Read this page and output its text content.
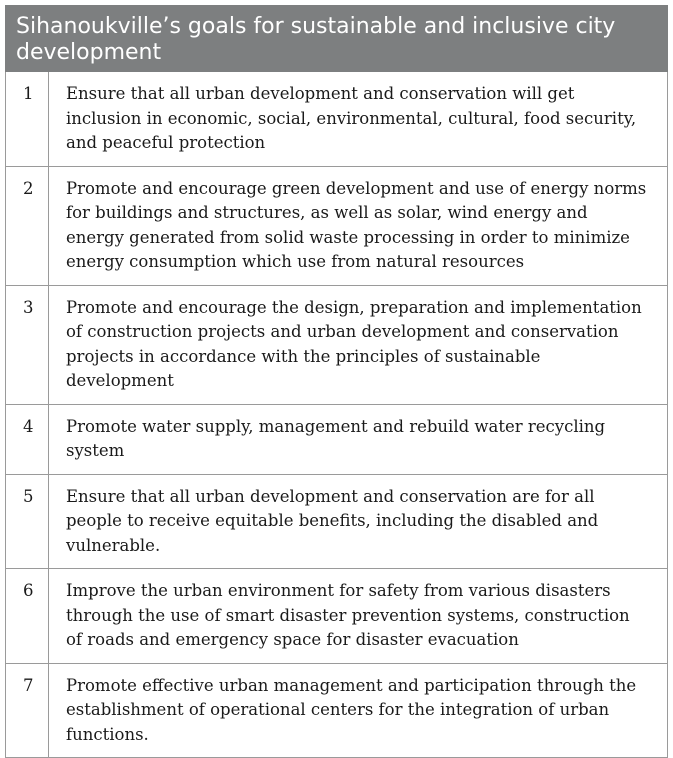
Sihanoukville’s goals for sustainable and inclusive city development
1	Ensure that all urban development and conservation will get inclusion in economic, social, environmental, cultural, food security, and peaceful protection
2	Promote and encourage green development and use of energy norms for buildings and structures, as well as solar, wind energy and energy generated from solid waste processing in order to minimize energy consumption which use from natural resources
3	Promote and encourage the design, preparation and implementation of construction projects and urban development and conservation projects in accordance with the principles of sustainable development
4	Promote water supply, management and rebuild water recycling system
5	Ensure that all urban development and conservation are for all people to receive equitable benefits, including the disabled and vulnerable.
6	Improve the urban environment for safety from various disasters through the use of smart disaster prevention systems, construction of roads and emergency space for disaster evacuation
7	Promote effective urban management and participation through the establishment of operational centers for the integration of urban functions.
